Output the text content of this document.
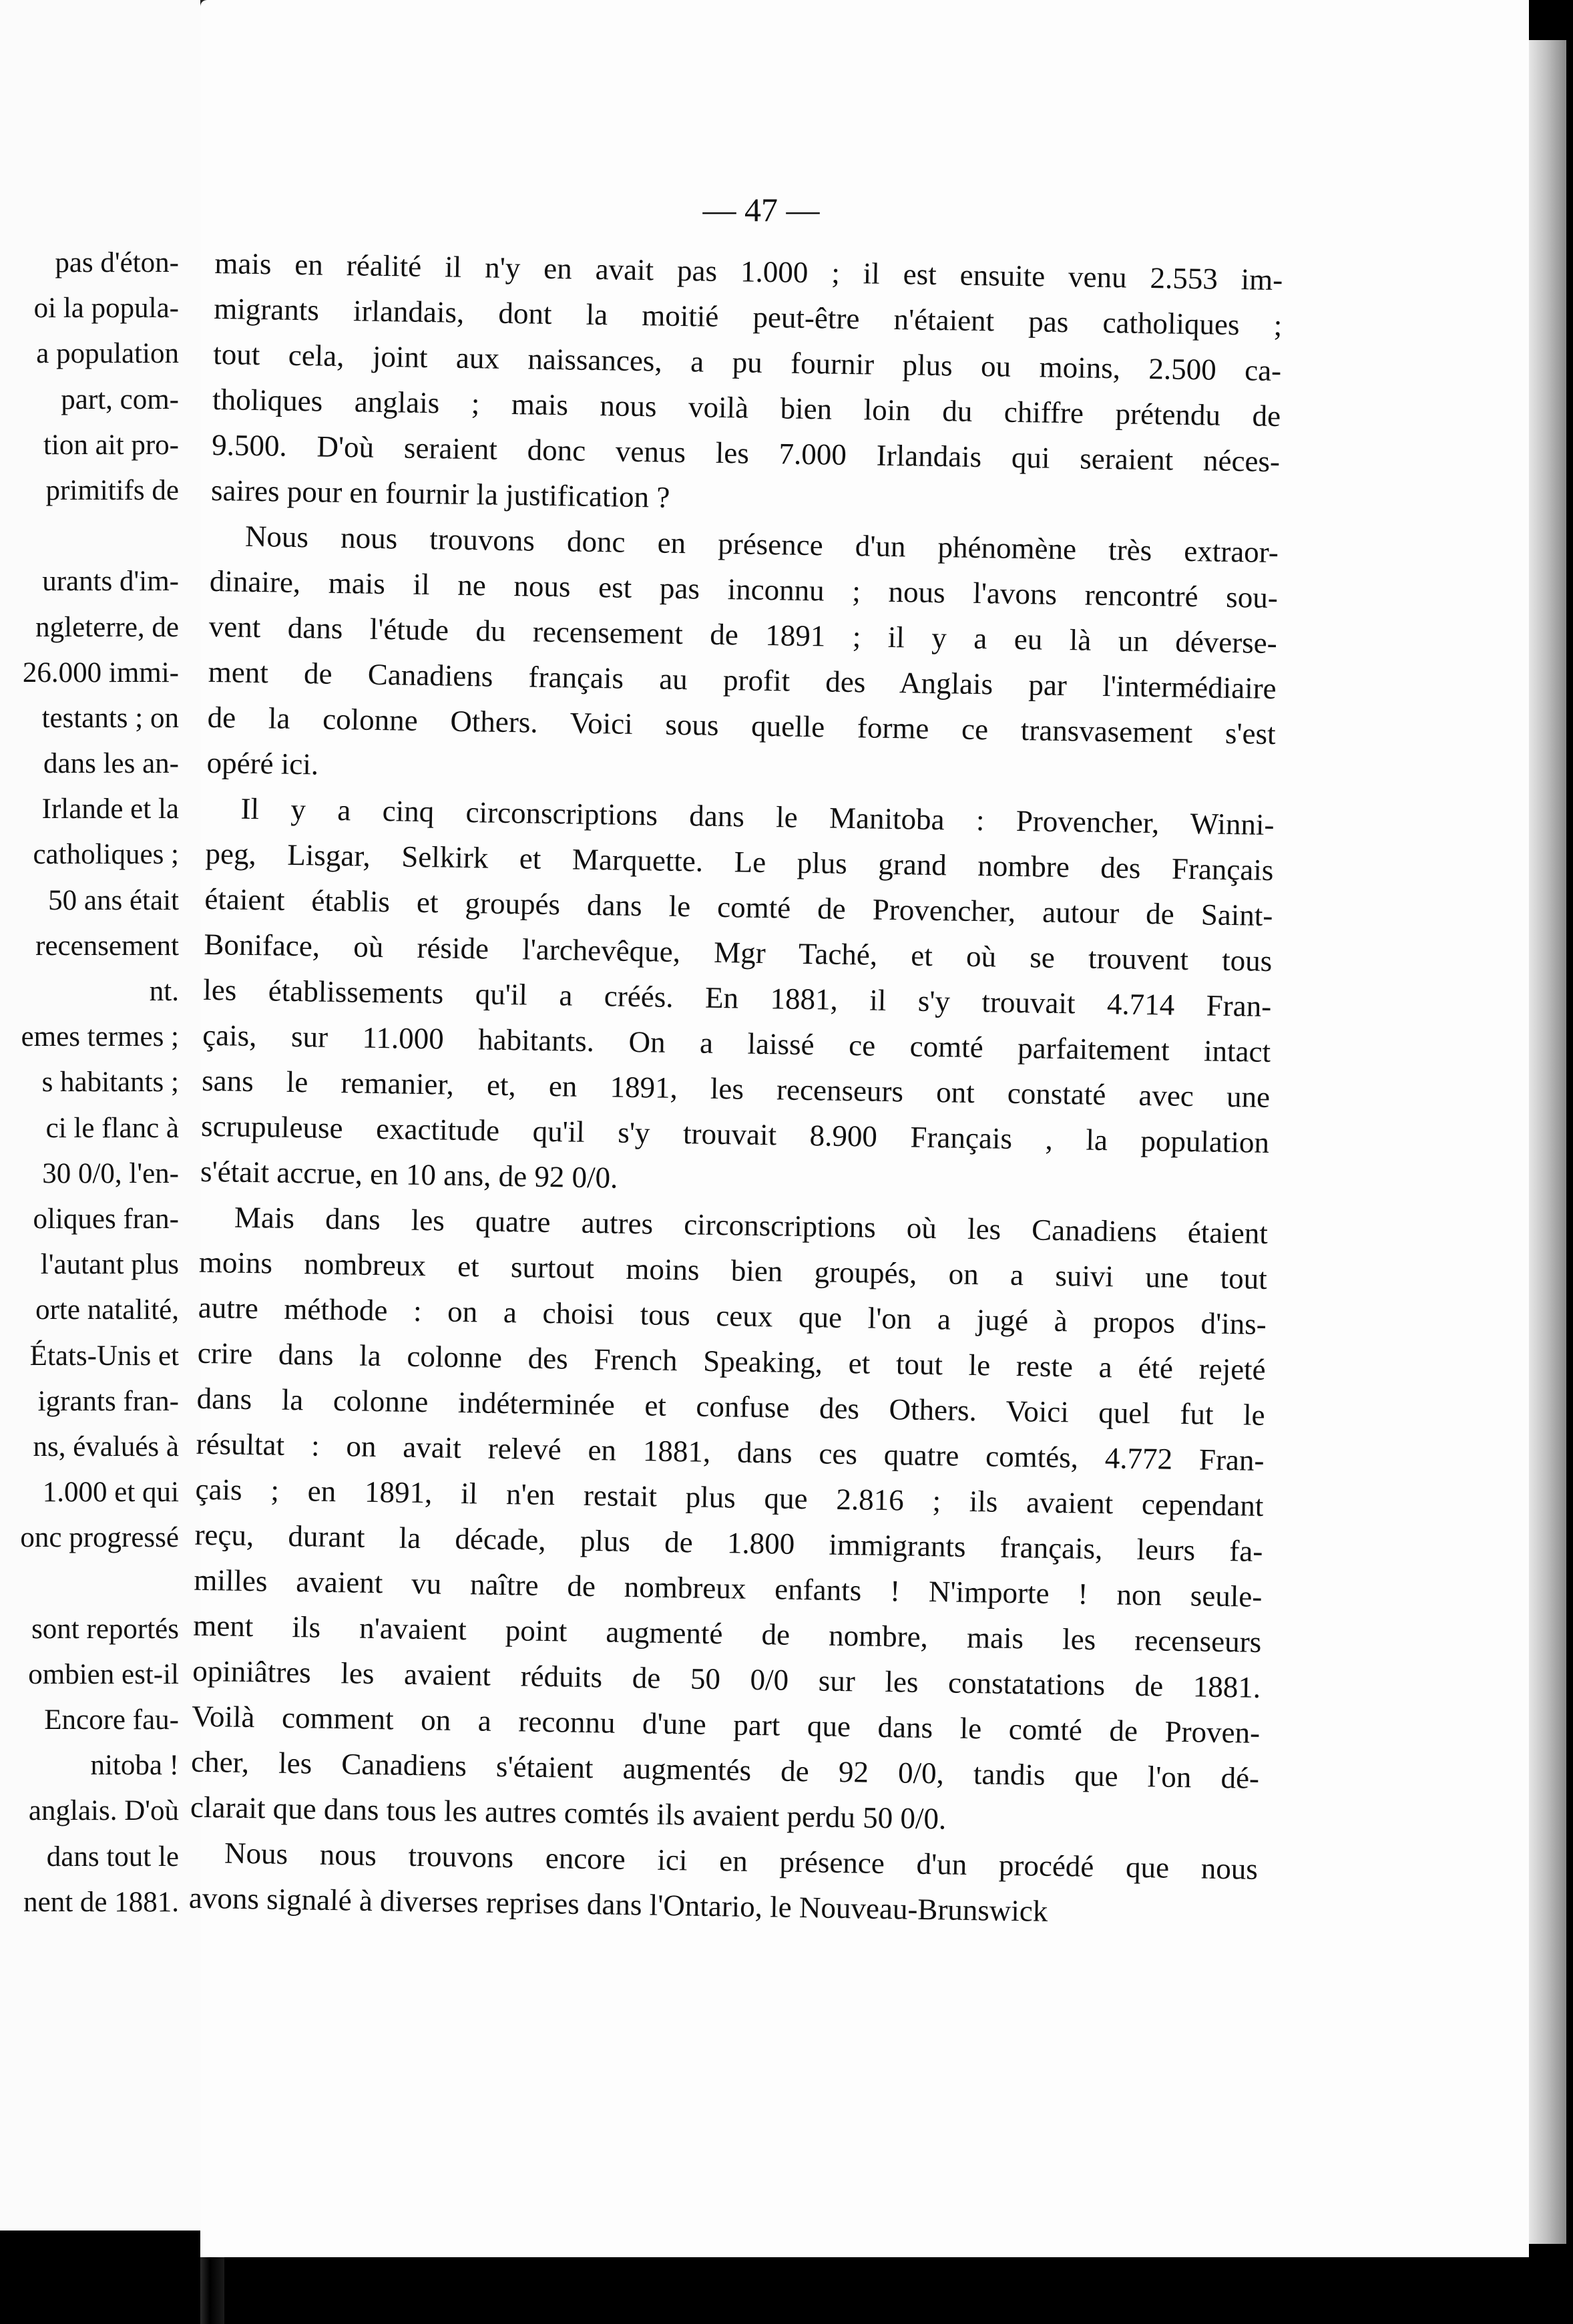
pas d'éton-
oi la popula-
a population
part, com-
tion ait pro-
primitifs de
urants d'im-
ngleterre, de
26.000 immi-
testants ; on
dans les an-
Irlande et la
catholiques ;
50 ans était
recensement
nt.
emes termes ;
s habitants ;
ci le flanc à
30 0/0, l'en-
oliques fran-
l'autant plus
orte natalité,
États-Unis et
igrants fran-
ns, évalués à
1.000 et qui
onc progressé
sont reportés
ombien est-il
Encore fau-
nitoba !
anglais. D'où
dans tout le
nent de 1881.
— 47 —
mais en réalité il n'y en avait pas 1.000 ; il est ensuite venu 2.553 im-
migrants irlandais, dont la moitié peut-être n'étaient pas catholiques ;
tout cela, joint aux naissances, a pu fournir plus ou moins, 2.500 ca-
tholiques anglais ; mais nous voilà bien loin du chiffre prétendu de
9.500. D'où seraient donc venus les 7.000 Irlandais qui seraient néces-
saires pour en fournir la justification ?
Nous nous trouvons donc en présence d'un phénomène très extraor-
dinaire, mais il ne nous est pas inconnu ; nous l'avons rencontré sou-
vent dans l'étude du recensement de 1891 ; il y a eu là un déverse-
ment de Canadiens français au profit des Anglais par l'intermédiaire
de la colonne Others. Voici sous quelle forme ce transvasement s'est
opéré ici.
Il y a cinq circonscriptions dans le Manitoba : Provencher, Winni-
peg, Lisgar, Selkirk et Marquette. Le plus grand nombre des Français
étaient établis et groupés dans le comté de Provencher, autour de Saint-
Boniface, où réside l'archevêque, Mgr Taché, et où se trouvent tous
les établissements qu'il a créés. En 1881, il s'y trouvait 4.714 Fran-
çais, sur 11.000 habitants. On a laissé ce comté parfaitement intact
sans le remanier, et, en 1891, les recenseurs ont constaté avec une
scrupuleuse exactitude qu'il s'y trouvait 8.900 Français , la population
s'était accrue, en 10 ans, de 92 0/0.
Mais dans les quatre autres circonscriptions où les Canadiens étaient
moins nombreux et surtout moins bien groupés, on a suivi une tout
autre méthode : on a choisi tous ceux que l'on a jugé à propos d'ins-
crire dans la colonne des French Speaking, et tout le reste a été rejeté
dans la colonne indéterminée et confuse des Others. Voici quel fut le
résultat : on avait relevé en 1881, dans ces quatre comtés, 4.772 Fran-
çais ; en 1891, il n'en restait plus que 2.816 ; ils avaient cependant
reçu, durant la décade, plus de 1.800 immigrants français, leurs fa-
milles avaient vu naître de nombreux enfants ! N'importe ! non seule-
ment ils n'avaient point augmenté de nombre, mais les recenseurs
opiniâtres les avaient réduits de 50 0/0 sur les constatations de 1881.
Voilà comment on a reconnu d'une part que dans le comté de Proven-
cher, les Canadiens s'étaient augmentés de 92 0/0, tandis que l'on dé-
clarait que dans tous les autres comtés ils avaient perdu 50 0/0.
Nous nous trouvons encore ici en présence d'un procédé que nous
avons signalé à diverses reprises dans l'Ontario, le Nouveau-Brunswick
